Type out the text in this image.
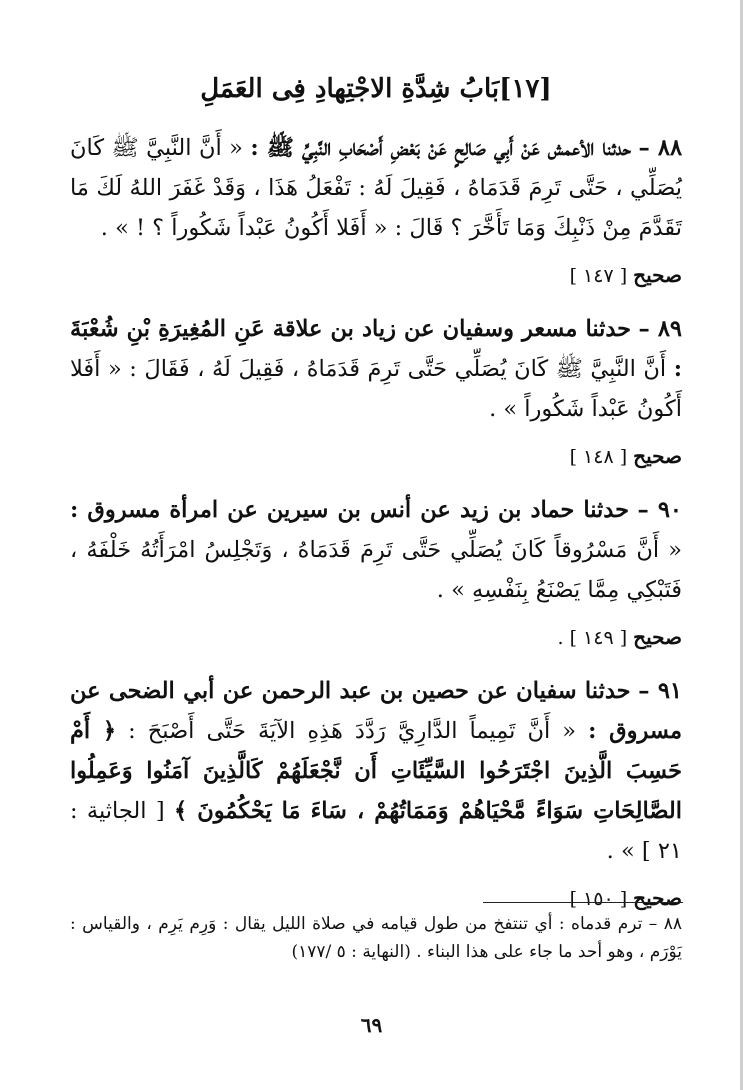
[١٧]بَابُ شِدَّةِ الاجْتِهادِ فِى العَمَلِ

٨٨ – حدثنا الأعمش عَنْ أَبِي صَالِحٍ عَنْ بَعْضِ أَصْحَابِ النَّبِيِّ ﷺ : « أَنَّ النَّبِيَّ ﷺ كَانَ يُصَلِّي ، حَتَّى تَرِمَ قَدَمَاهُ ، فَقِيلَ لَهُ : تَفْعَلُ هَذَا ، وَقَدْ غَفَرَ اللهُ لَكَ مَا تَقَدَّمَ مِنْ ذَنْبِكَ وَمَا تَأَخَّرَ ؟ قَالَ : « أَفَلا أَكُونُ عَبْداً شَكُوراً ؟ ! » .

صحيح [ ١٤٧ ]

٨٩ – حدثنا مسعر وسفيان عن زياد بن علاقة عَنِ المُغِيرَةِ بْنِ شُعْبَةَ : أَنَّ النَّبِيَّ ﷺ كَانَ يُصَلِّي حَتَّى تَرِمَ قَدَمَاهُ ، فَقِيلَ لَهُ ، فَقَالَ : « أَفَلا أَكُونُ عَبْداً شَكُوراً » .

صحيح [ ١٤٨ ]

٩٠ – حدثنا حماد بن زيد عن أنس بن سيرين عن امرأة مسروق : « أَنَّ مَسْرُوقاً كَانَ يُصَلِّي حَتَّى تَرِمَ قَدَمَاهُ ، وَتَجْلِسُ امْرَأَتُهُ خَلْفَهُ ، فَتَبْكِي مِمَّا يَصْنَعُ بِنَفْسِهِ » .

صحيح [ ١٤٩ ] .

٩١ – حدثنا سفيان عن حصين بن عبد الرحمن عن أبي الضحى عن مسروق : « أَنَّ تَمِيماً الدَّارِيَّ رَدَّدَ هَذِهِ الآيَةَ حَتَّى أَصْبَحَ : ﴿ أَمْ حَسِبَ الَّذِينَ اجْتَرَحُوا السَّيِّئَاتِ أَن نَّجْعَلَهُمْ كَالَّذِينَ آمَنُوا وَعَمِلُوا الصَّالِحَاتِ سَوَاءً مَّحْيَاهُمْ وَمَمَاتُهُمْ ، سَاءَ مَا يَحْكُمُونَ ﴾ [ الجاثية : ٢١ ] » .

صحيح [ ١٥٠ ]
٨٨ – ترم قدماه : أي تنتفخ من طول قيامه في صلاة الليل يقال : وَرِم يَرِم ، والقياس : يَوْرَم ، وهو أحد ما جاء على هذا البناء . (النهاية : ٥ /١٧٧)
٦٩
